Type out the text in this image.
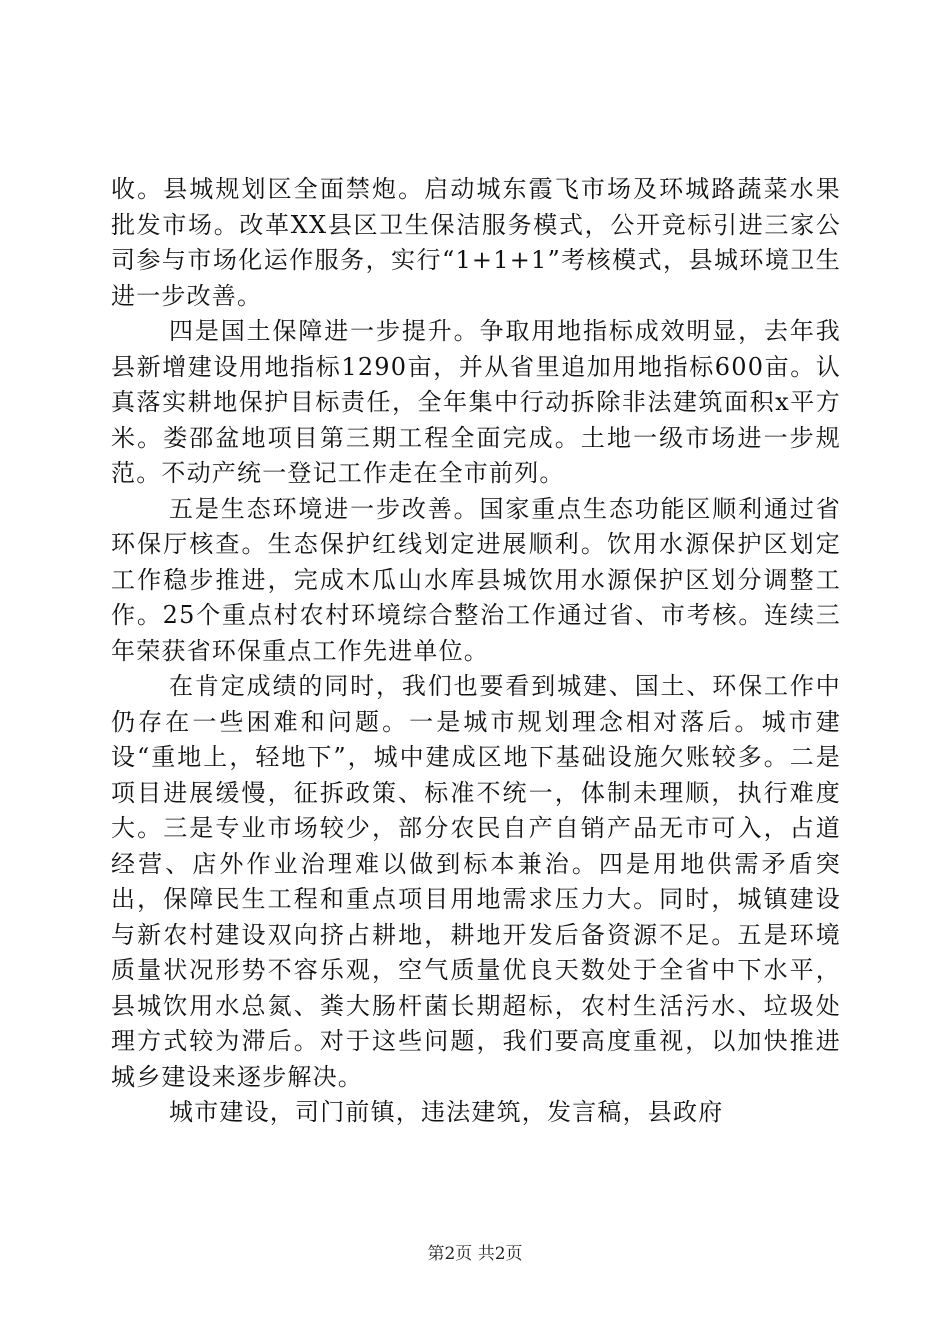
收。县城规划区全面禁炮。启动城东霞飞市场及环城路蔬菜水果批发市场。改革XX县区卫生保洁服务模式，公开竞标引进三家公司参与市场化运作服务，实行“1+1+1”考核模式，县城环境卫生进一步改善。

四是国土保障进一步提升。争取用地指标成效明显，去年我县新增建设用地指标1290亩，并从省里追加用地指标600亩。认真落实耕地保护目标责任，全年集中行动拆除非法建筑面积x平方米。娄邵盆地项目第三期工程全面完成。土地一级市场进一步规范。不动产统一登记工作走在全市前列。

五是生态环境进一步改善。国家重点生态功能区顺利通过省环保厅核查。生态保护红线划定进展顺利。饮用水源保护区划定工作稳步推进，完成木瓜山水库县城饮用水源保护区划分调整工作。25个重点村农村环境综合整治工作通过省、市考核。连续三年荣获省环保重点工作先进单位。

在肯定成绩的同时，我们也要看到城建、国土、环保工作中仍存在一些困难和问题。一是城市规划理念相对落后。城市建设“重地上，轻地下”，城中建成区地下基础设施欠账较多。二是项目进展缓慢，征拆政策、标准不统一，体制未理顺，执行难度大。三是专业市场较少，部分农民自产自销产品无市可入，占道经营、店外作业治理难以做到标本兼治。四是用地供需矛盾突出，保障民生工程和重点项目用地需求压力大。同时，城镇建设与新农村建设双向挤占耕地，耕地开发后备资源不足。五是环境质量状况形势不容乐观，空气质量优良天数处于全省中下水平，县城饮用水总氮、粪大肠杆菌长期超标，农村生活污水、垃圾处理方式较为滞后。对于这些问题，我们要高度重视，以加快推进城乡建设来逐步解决。

城市建设，司门前镇，违法建筑，发言稿，县政府

第2页 共2页
